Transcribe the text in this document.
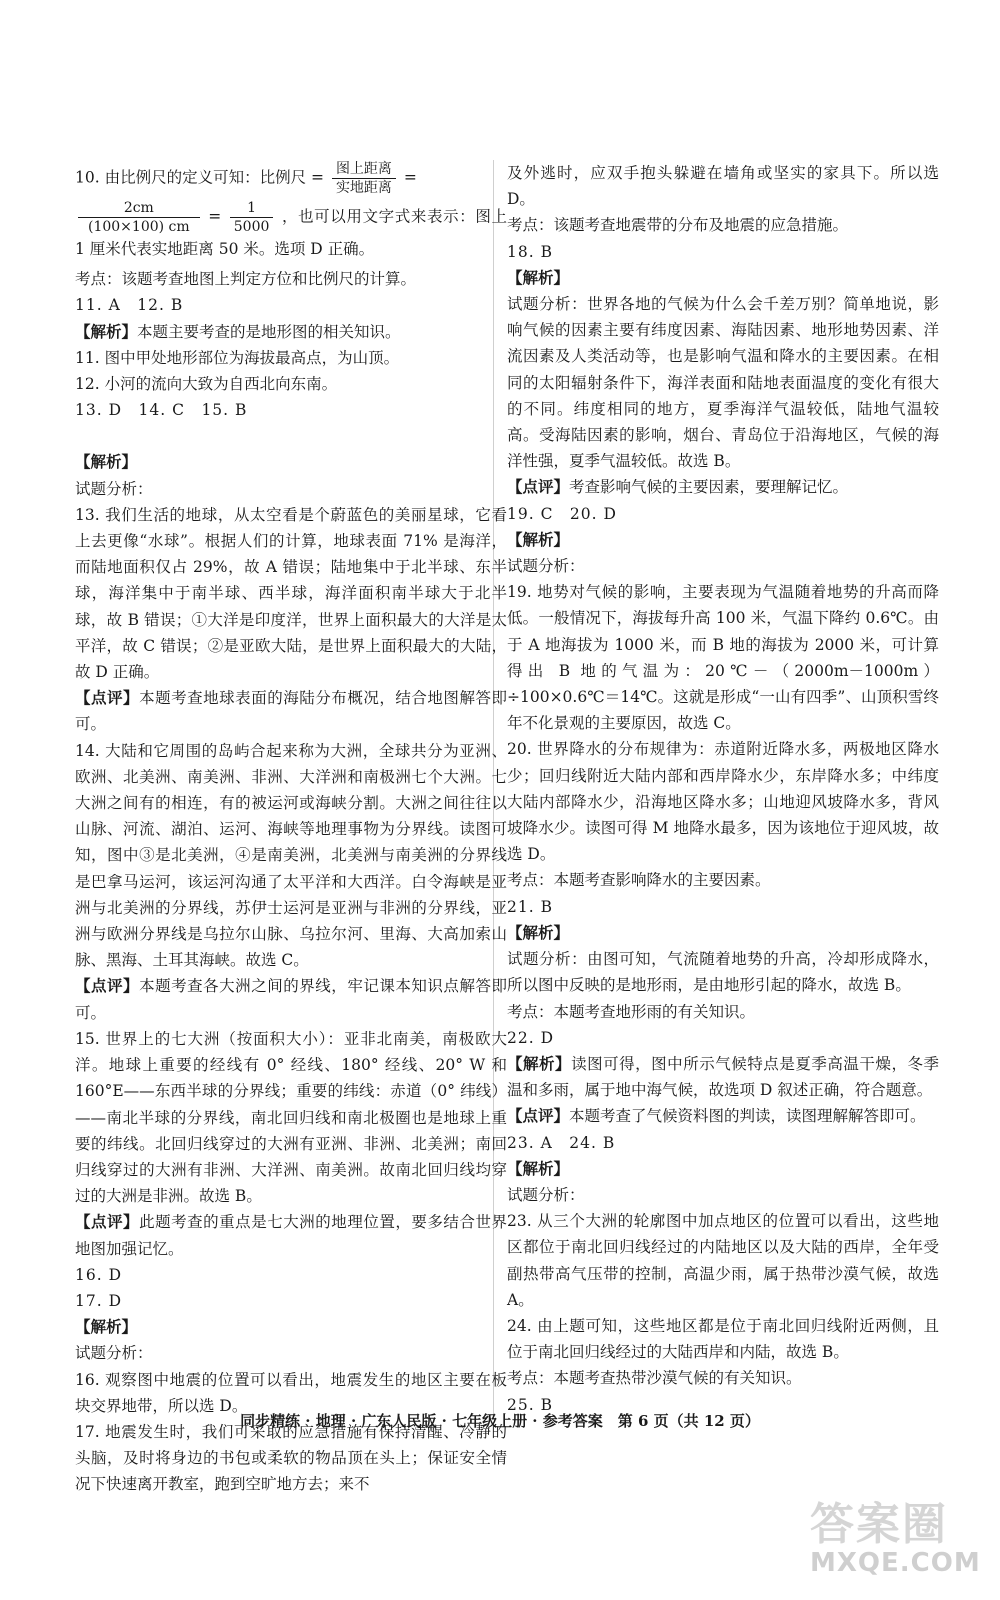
10. 由比例尺的定义可知：比例尺 = $\frac{\text{图上距离}}{\text{实地距离}}$ =

$\frac{2cm}{(100\times 100) cm} = \frac{1}{5000}$ ，也可以用文字式来表示：图上 1 厘米代表实地距离 50 米。选项 D 正确。

考点：该题考查地图上判定方位和比例尺的计算。

11. A　12. B

【解析】本题主要考查的是地形图的相关知识。

11. 图中甲处地形部位为海拔最高点，为山顶。

12. 小河的流向大致为自西北向东南。

13. D　14. C　15. B

【解析】

试题分析：

13. 我们生活的地球，从太空看是个蔚蓝色的美丽星球，它看上去更像“水球”。根据人们的计算，地球表面 71% 是海洋，而陆地面积仅占 29%，故 A 错误；陆地集中于北半球、东半球，海洋集中于南半球、西半球，海洋面积南半球大于北半球，故 B 错误；①大洋是印度洋，世界上面积最大的大洋是太平洋，故 C 错误；②是亚欧大陆，是世界上面积最大的大陆，故 D 正确。

【点评】本题考查地球表面的海陆分布概况，结合地图解答即可。

14. 大陆和它周围的岛屿合起来称为大洲，全球共分为亚洲、欧洲、北美洲、南美洲、非洲、大洋洲和南极洲七个大洲。七大洲之间有的相连，有的被运河或海峡分割。大洲之间往往以山脉、河流、湖泊、运河、海峡等地理事物为分界线。读图可知，图中③是北美洲，④是南美洲，北美洲与南美洲的分界线是巴拿马运河，该运河沟通了太平洋和大西洋。白令海峡是亚洲与北美洲的分界线，苏伊士运河是亚洲与非洲的分界线，亚洲与欧洲分界线是乌拉尔山脉、乌拉尔河、里海、大高加索山脉、黑海、土耳其海峡。故选 C。

【点评】本题考查各大洲之间的界线，牢记课本知识点解答即可。

15. 世界上的七大洲（按面积大小）：亚非北南美，南极欧大洋。地球上重要的经线有 0° 经线、180° 经线、20° W 和 160°E——东西半球的分界线；重要的纬线：赤道（0° 纬线）——南北半球的分界线，南北回归线和南北极圈也是地球上重要的纬线。北回归线穿过的大洲有亚洲、非洲、北美洲；南回归线穿过的大洲有非洲、大洋洲、南美洲。故南北回归线均穿过的大洲是非洲。故选 B。

【点评】此题考查的重点是七大洲的地理位置，要多结合世界地图加强记忆。

16. D

17. D

【解析】

试题分析：

16. 观察图中地震的位置可以看出，地震发生的地区主要在板块交界地带，所以选 D。

17. 地震发生时，我们可采取的应急措施有保持清醒、冷静的头脑，及时将身边的书包或柔软的物品顶在头上；保证安全情况下快速离开教室，跑到空旷地方去；来不

及外逃时，应双手抱头躲避在墙角或坚实的家具下。所以选 D。

考点：该题考查地震带的分布及地震的应急措施。

18. B

【解析】

试题分析：世界各地的气候为什么会千差万别？简单地说，影响气候的因素主要有纬度因素、海陆因素、地形地势因素、洋流因素及人类活动等，也是影响气温和降水的主要因素。在相同的太阳辐射条件下，海洋表面和陆地表面温度的变化有很大的不同。纬度相同的地方，夏季海洋气温较低，陆地气温较高。受海陆因素的影响，烟台、青岛位于沿海地区，气候的海洋性强，夏季气温较低。故选 B。

【点评】考查影响气候的主要因素，要理解记忆。

19. C　20. D

【解析】

试题分析：

19. 地势对气候的影响，主要表现为气温随着地势的升高而降低。一般情况下，海拔每升高 100 米，气温下降约 0.6℃。由于 A 地海拔为 1000 米，而 B 地的海拔为 2000 米，可计算得出 B 地的气温为：20℃－（2000m－1000m）÷100×0.6℃＝14℃。这就是形成“一山有四季”、山顶积雪终年不化景观的主要原因，故选 C。

20. 世界降水的分布规律为：赤道附近降水多，两极地区降水少；回归线附近大陆内部和西岸降水少，东岸降水多；中纬度大陆内部降水少，沿海地区降水多；山地迎风坡降水多，背风坡降水少。读图可得 M 地降水最多，因为该地位于迎风坡，故选 D。

考点：本题考查影响降水的主要因素。

21. B

【解析】

试题分析：由图可知，气流随着地势的升高，冷却形成降水，所以图中反映的是地形雨，是由地形引起的降水，故选 B。

考点：本题考查地形雨的有关知识。

22. D

【解析】读图可得，图中所示气候特点是夏季高温干燥，冬季温和多雨，属于地中海气候，故选项 D 叙述正确，符合题意。

【点评】本题考查了气候资料图的判读，读图理解解答即可。

23. A　24. B

【解析】

试题分析：

23. 从三个大洲的轮廓图中加点地区的位置可以看出，这些地区都位于南北回归线经过的内陆地区以及大陆的西岸，全年受副热带高气压带的控制，高温少雨，属于热带沙漠气候，故选 A。

24. 由上题可知，这些地区都是位于南北回归线附近两侧，且位于南北回归线经过的大陆西岸和内陆，故选 B。

考点：本题考查热带沙漠气候的有关知识。

25. B

同步精练 · 地理 · 广东人民版 · 七年级上册 · 参考答案　第 6 页（共 12 页）
答案圈
MXQE.COM
